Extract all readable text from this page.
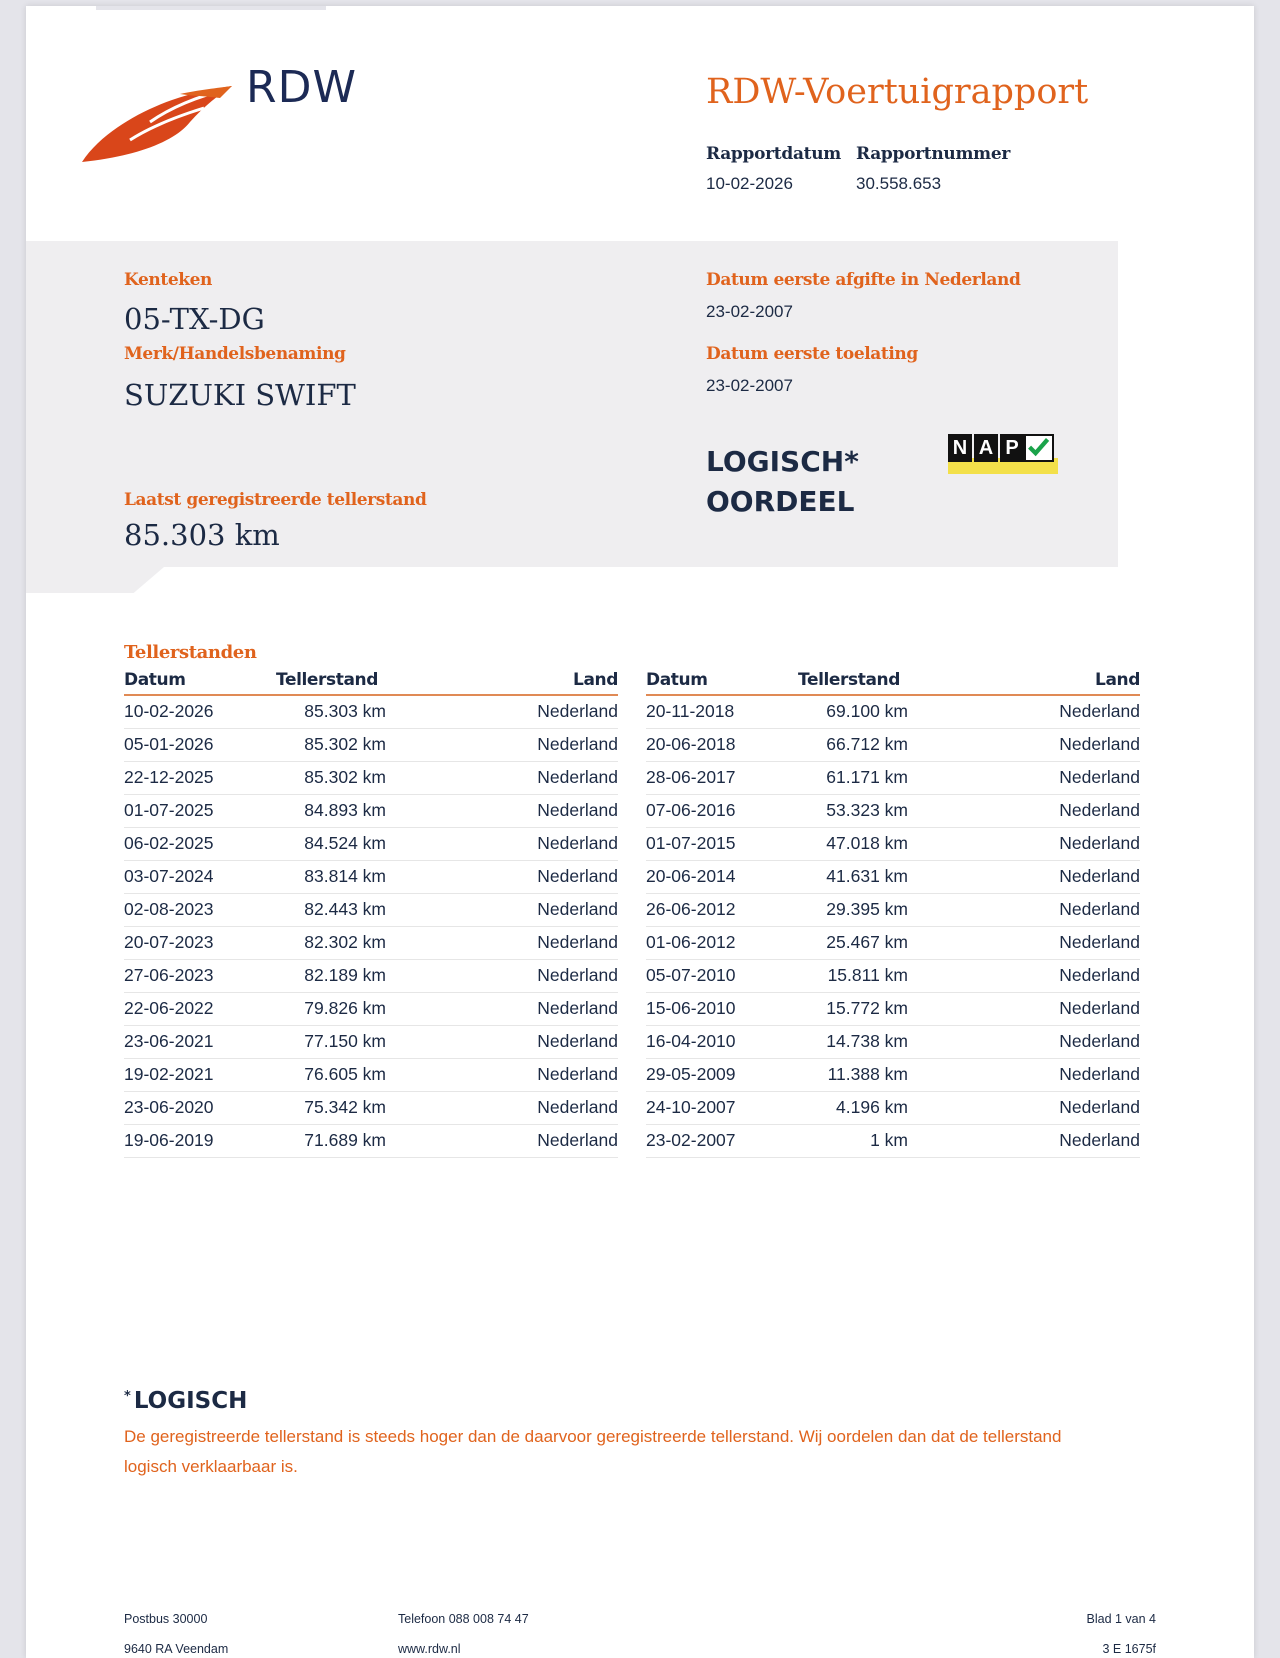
RDW	RDW-Voertuigrapport
Rapportdatum
10-02-2026
Rapportnummer
30.558.653
Kenteken
05-TX-DG
Merk/Handelsbenaming
SUZUKI SWIFT
Laatst geregistreerde tellerstand
85.303 km
Datum eerste afgifte in Nederland
23-02-2007
Datum eerste toelating
23-02-2007
LOGISCH*
OORDEEL
N A P
Tellerstanden
Datum	Tellerstand	Land
10-02-2026	85.303 km	Nederland
05-01-2026	85.302 km	Nederland
22-12-2025	85.302 km	Nederland
01-07-2025	84.893 km	Nederland
06-02-2025	84.524 km	Nederland
03-07-2024	83.814 km	Nederland
02-08-2023	82.443 km	Nederland
20-07-2023	82.302 km	Nederland
27-06-2023	82.189 km	Nederland
22-06-2022	79.826 km	Nederland
23-06-2021	77.150 km	Nederland
19-02-2021	76.605 km	Nederland
23-06-2020	75.342 km	Nederland
19-06-2019	71.689 km	Nederland
Datum	Tellerstand	Land
20-11-2018	69.100 km	Nederland
20-06-2018	66.712 km	Nederland
28-06-2017	61.171 km	Nederland
07-06-2016	53.323 km	Nederland
01-07-2015	47.018 km	Nederland
20-06-2014	41.631 km	Nederland
26-06-2012	29.395 km	Nederland
01-06-2012	25.467 km	Nederland
05-07-2010	15.811 km	Nederland
15-06-2010	15.772 km	Nederland
16-04-2010	14.738 km	Nederland
29-05-2009	11.388 km	Nederland
24-10-2007	4.196 km	Nederland
23-02-2007	1 km	Nederland
* LOGISCH
De geregistreerde tellerstand is steeds hoger dan de daarvoor geregistreerde tellerstand. Wij oordelen dan dat de tellerstand logisch verklaarbaar is.
Postbus 30000
9640 RA Veendam
Telefoon 088 008 74 47
www.rdw.nl
Blad 1 van 4
3 E 1675f
